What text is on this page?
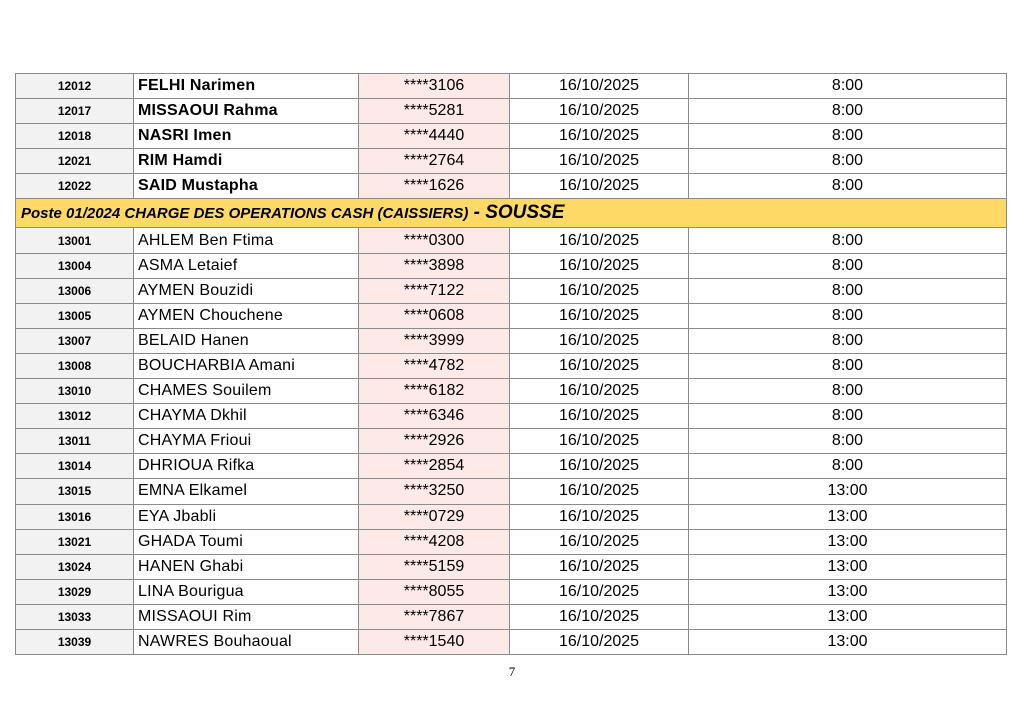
12012	FELHI Narimen	****3106	16/10/2025	8:00
12017	MISSAOUI Rahma	****5281	16/10/2025	8:00
12018	NASRI Imen	****4440	16/10/2025	8:00
12021	RIM Hamdi	****2764	16/10/2025	8:00
12022	SAID Mustapha	****1626	16/10/2025	8:00
Poste 01/2024 CHARGE DES OPERATIONS CASH (CAISSIERS) - SOUSSE				
13001	AHLEM Ben Ftima	****0300	16/10/2025	8:00
13004	ASMA Letaief	****3898	16/10/2025	8:00
13006	AYMEN Bouzidi	****7122	16/10/2025	8:00
13005	AYMEN Chouchene	****0608	16/10/2025	8:00
13007	BELAID Hanen	****3999	16/10/2025	8:00
13008	BOUCHARBIA Amani	****4782	16/10/2025	8:00
13010	CHAMES Souilem	****6182	16/10/2025	8:00
13012	CHAYMA Dkhil	****6346	16/10/2025	8:00
13011	CHAYMA Frioui	****2926	16/10/2025	8:00
13014	DHRIOUA Rifka	****2854	16/10/2025	8:00
13015	EMNA Elkamel	****3250	16/10/2025	13:00
13016	EYA Jbabli	****0729	16/10/2025	13:00
13021	GHADA Toumi	****4208	16/10/2025	13:00
13024	HANEN Ghabi	****5159	16/10/2025	13:00
13029	LINA Bourigua	****8055	16/10/2025	13:00
13033	MISSAOUI Rim	****7867	16/10/2025	13:00
13039	NAWRES Bouhaoual	****1540	16/10/2025	13:00
7
